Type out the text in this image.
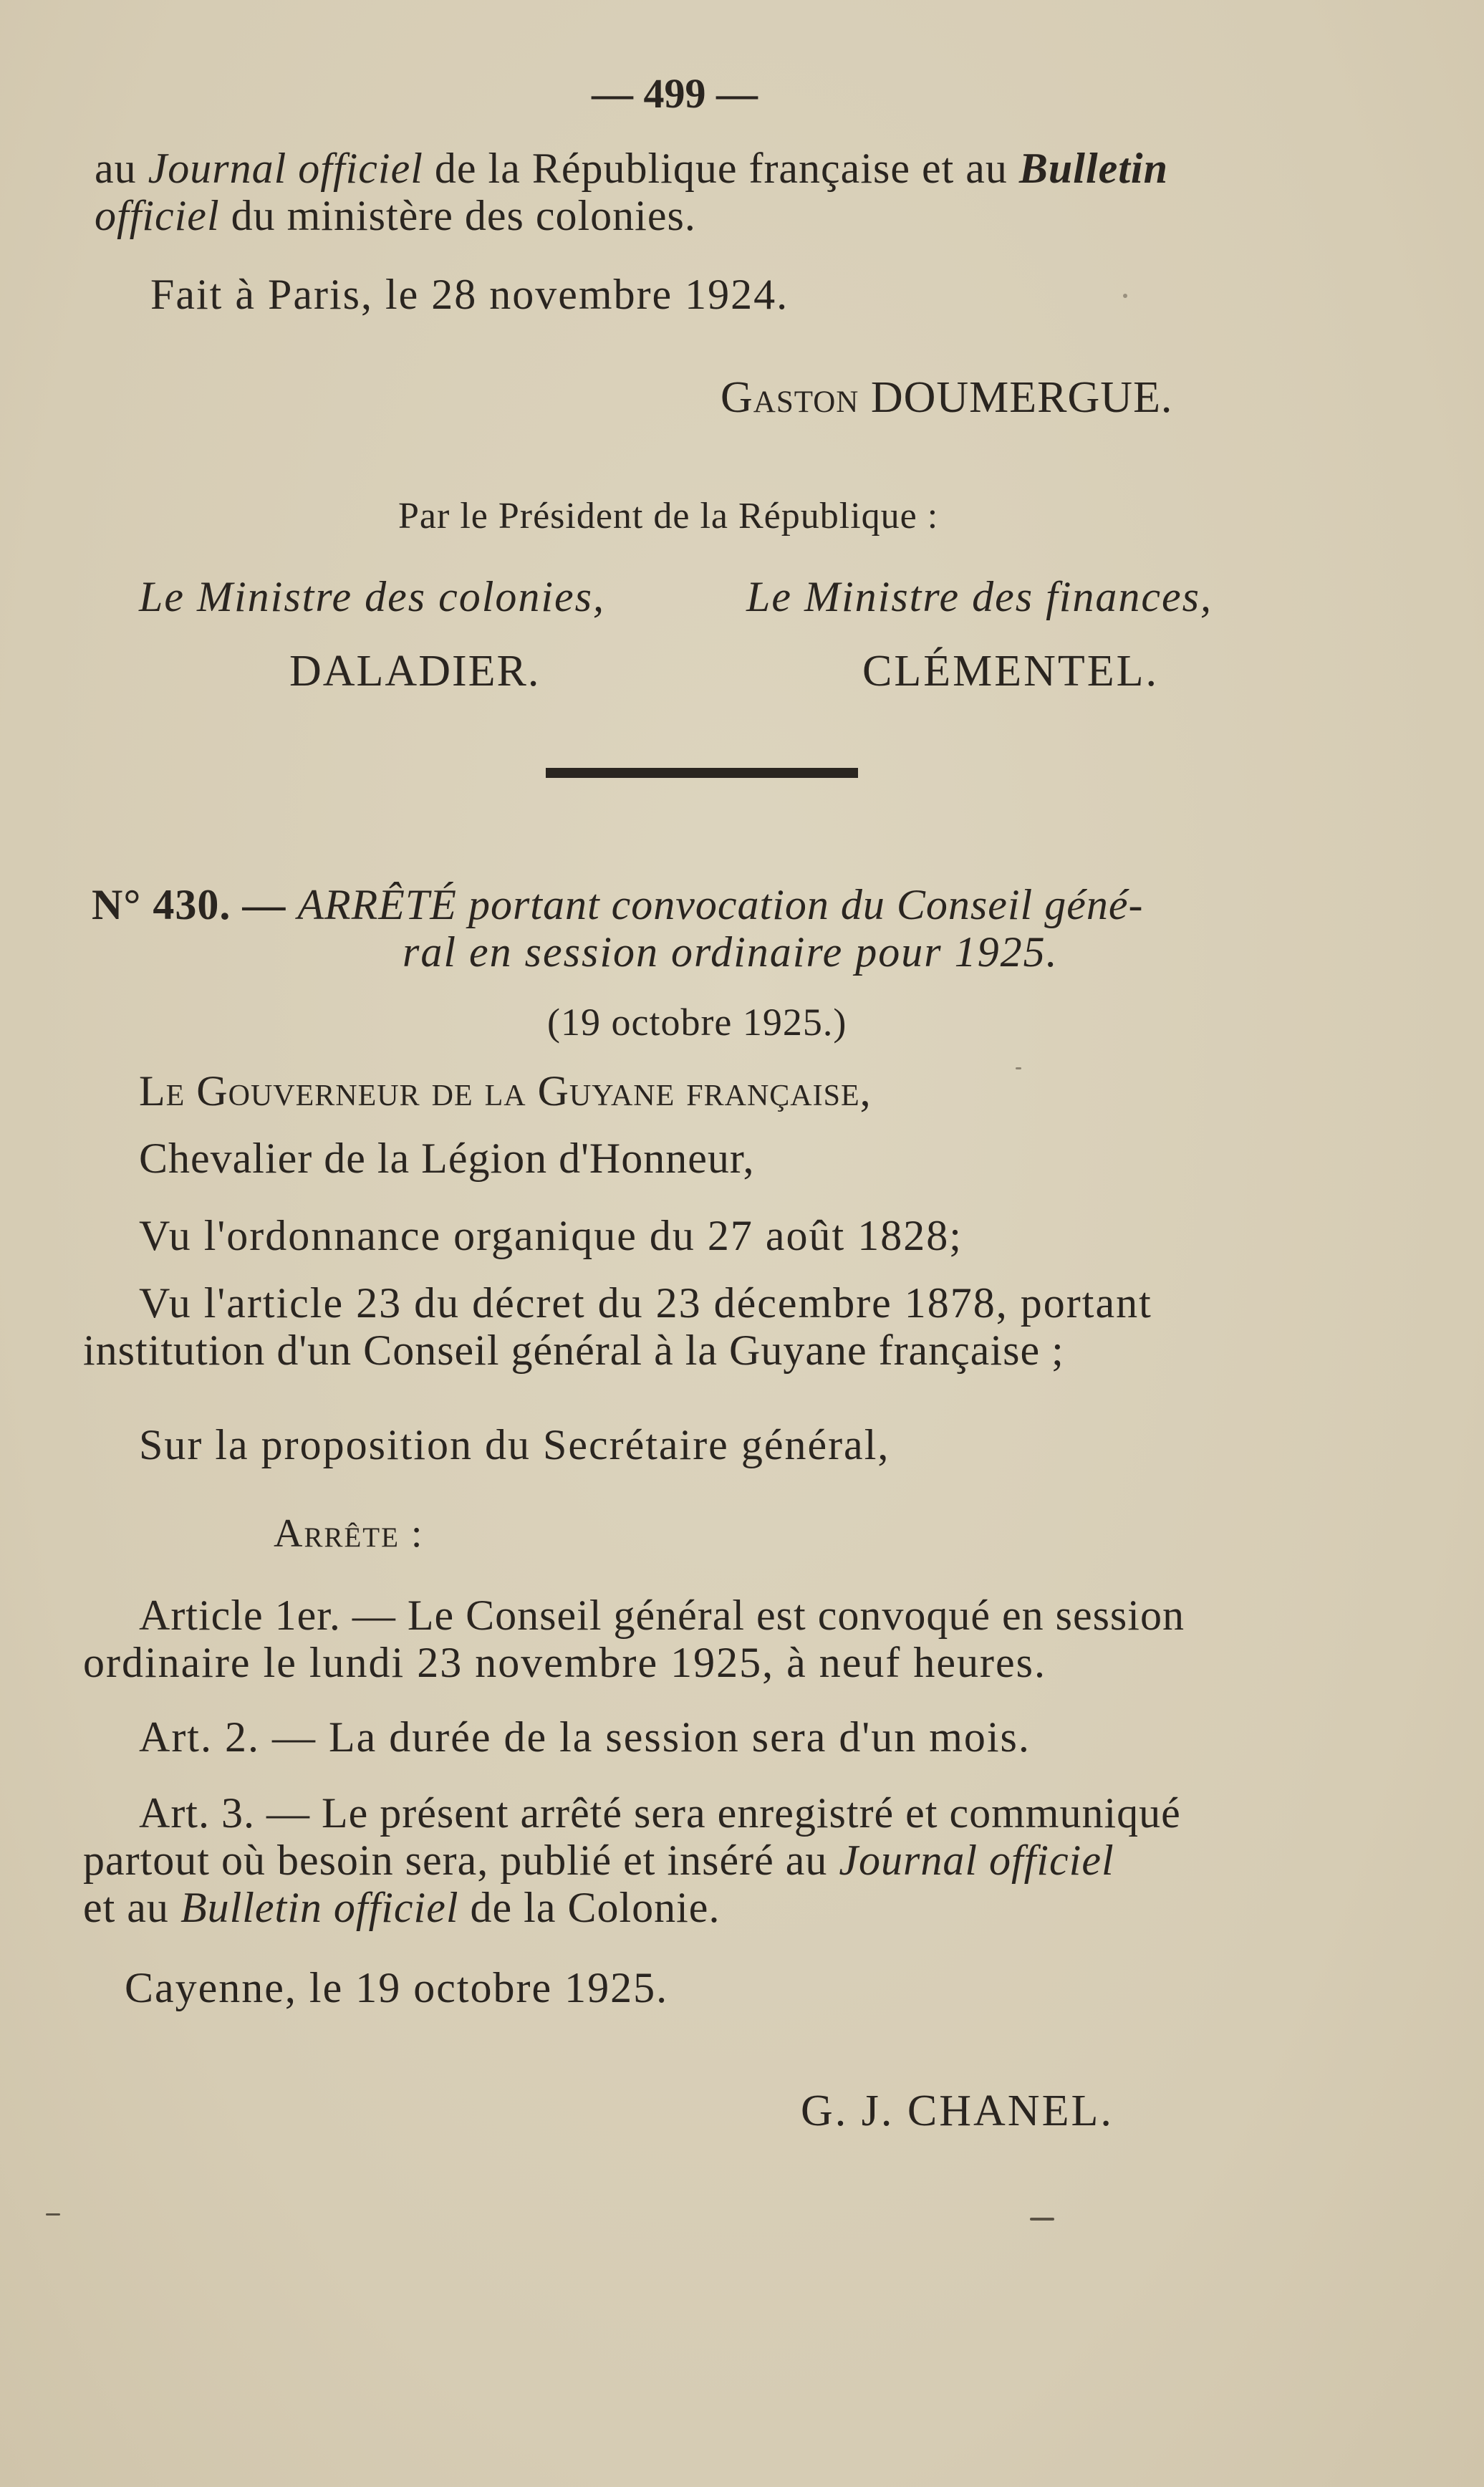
— 499 —
au Journal officiel de la République française et au Bulletin
officiel du ministère des colonies.
Fait à Paris, le 28 novembre 1924.
Gaston DOUMERGUE.
Par le Président de la République :
Le Ministre des colonies,	Le Ministre des finances,
DALADIER.	CLÉMENTEL.
N° 430. — ARRÊTÉ portant convocation du Conseil géné-
ral en session ordinaire pour 1925.
(19 octobre 1925.)
Le Gouverneur de la Guyane française,
Chevalier de la Légion d'Honneur,
Vu l'ordonnance organique du 27 août 1828;
Vu l'article 23 du décret du 23 décembre 1878, portant
institution d'un Conseil général à la Guyane française ;
Sur la proposition du Secrétaire général,
Arrête :
Article 1er. — Le Conseil général est convoqué en session
ordinaire le lundi 23 novembre 1925, à neuf heures.
Art. 2. — La durée de la session sera d'un mois.
Art. 3. — Le présent arrêté sera enregistré et communiqué
partout où besoin sera, publié et inséré au Journal officiel
et au Bulletin officiel de la Colonie.
Cayenne, le 19 octobre 1925.
G. J. CHANEL.
